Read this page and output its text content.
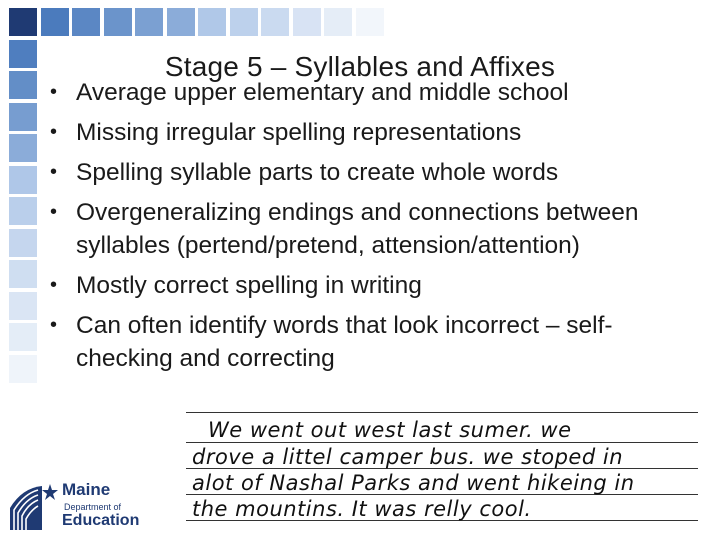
Stage 5 – Syllables and Affixes
• Average upper elementary and middle school
• Missing irregular spelling representations
• Spelling syllable parts to create whole words
• Overgeneralizing endings and connections between syllables (pertend/pretend, attension/attention)
• Mostly correct spelling in writing
• Can often identify words that look incorrect – self- checking and correcting
We went out west last sumer. we
drove a littel camper bus. we stoped in
alot of Nashal Parks and went hikeing in
the mountins. It was relly cool.
Maine
Department of
Education
